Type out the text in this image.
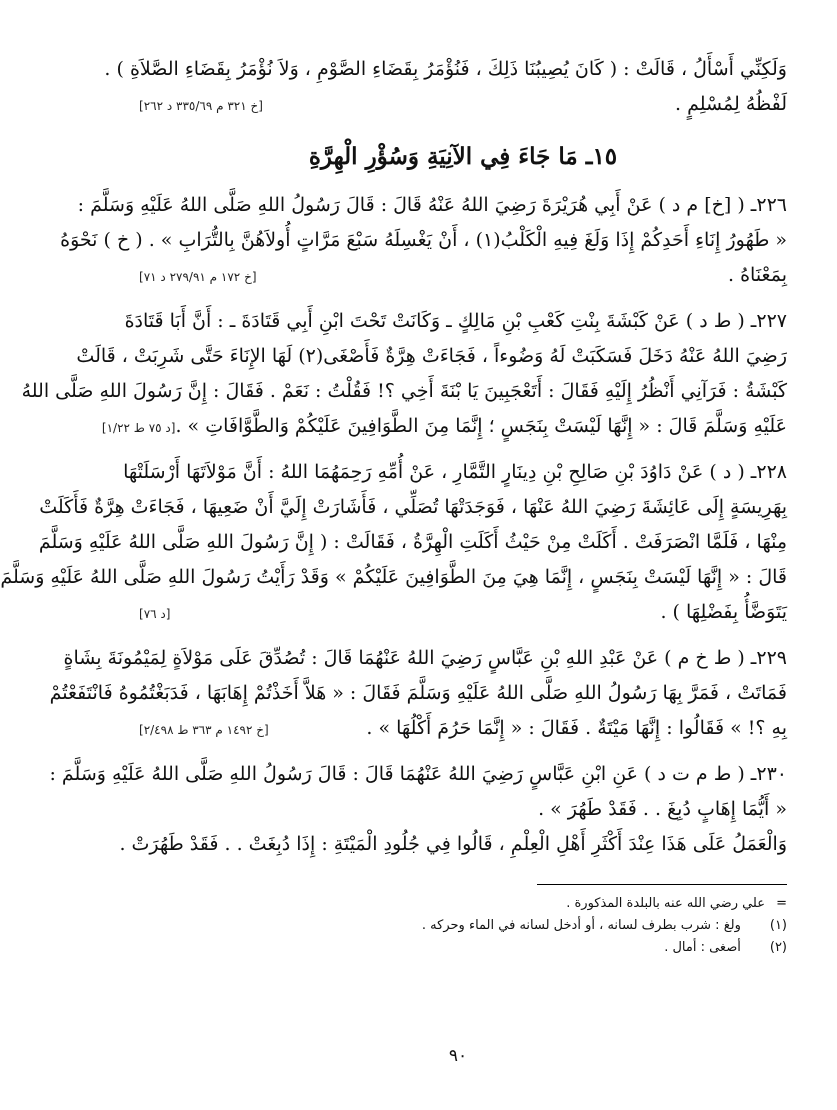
وَلَكِنِّي أَسْأَلُ ، قَالَتْ : ( كَانَ يُصِيبُنَا ذَلِكَ ، فَنُؤْمَرُ بِقَضَاءِ الصَّوْمِ ، وَلاَ نُؤْمَرُ بِقَضَاءِ الصَّلاَةِ ) .
لَفْظُهُ لِمُسْلِمٍ .
[خ ٣٢١ م ٣٣٥/٦٩ د ٢٦٢]
١٥ـ مَا جَاءَ فِي الآنِيَةِ وَسُؤْرِ الْهِرَّةِ
٢٢٦ـ ( [خ] م د ) عَنْ أَبِي هُرَيْرَةَ رَضِيَ اللهُ عَنْهُ قَالَ : قَالَ رَسُولُ اللهِ صَلَّى اللهُ عَلَيْهِ وَسَلَّمَ :
« طَهُورُ إِنَاءِ أَحَدِكُمْ إِذَا وَلَغَ فِيهِ الْكَلْبُ(١) ، أَنْ يَغْسِلَهُ سَبْعَ مَرَّاتٍ أُولاَهُنَّ بِالتُّرَابِ » . ( خ ) نَحْوَهُ
بِمَعْنَاهُ .
[خ ١٧٢ م ٢٧٩/٩١ د ٧١]
٢٢٧ـ ( ط د ) عَنْ كَبْشَةَ بِنْتِ كَعْبِ بْنِ مَالِكٍ ـ وَكَانَتْ تَحْتَ ابْنِ أَبِي قَتَادَةَ ـ : أَنَّ أَبَا قَتَادَةَ
رَضِيَ اللهُ عَنْهُ دَخَلَ فَسَكَبَتْ لَهُ وَضُوءاً ، فَجَاءَتْ هِرَّةٌ فَأَصْغَى(٢) لَهَا الإِنَاءَ حَتَّى شَرِبَتْ ، قَالَتْ
كَبْشَةُ : فَرَآنِي أَنْظُرُ إِلَيْهِ فَقَالَ : أَتَعْجَبِينَ يَا بْنَةَ أَخِي ؟! فَقُلْتُ : نَعَمْ . فَقَالَ : إِنَّ رَسُولَ اللهِ صَلَّى اللهُ
عَلَيْهِ وَسَلَّمَ قَالَ : « إِنَّهَا لَيْسَتْ بِنَجَسٍ ؛ إِنَّمَا مِنَ الطَّوَافِينَ عَلَيْكُمْ وَالطَّوَّافَاتِ » .
[د ٧٥ ط ١/٢٢]
٢٢٨ـ ( د ) عَنْ دَاوُدَ بْنِ صَالِحِ بْنِ دِينَارٍ التَّمَّارِ ، عَنْ أُمِّهِ رَحِمَهُمَا اللهُ : أَنَّ مَوْلاَتَهَا أَرْسَلَتْهَا
بِهَرِيسَةٍ إِلَى عَائِشَةَ رَضِيَ اللهُ عَنْهَا ، فَوَجَدَتْهَا تُصَلِّي ، فَأَشَارَتْ إِلَيَّ أَنْ ضَعِيهَا ، فَجَاءَتْ هِرَّةٌ فَأَكَلَتْ
مِنْهَا ، فَلَمَّا انْصَرَفَتْ . أَكَلَتْ مِنْ حَيْثُ أَكَلَتِ الْهِرَّةُ ، فَقَالَتْ : ( إِنَّ رَسُولَ اللهِ صَلَّى اللهُ عَلَيْهِ وَسَلَّمَ
قَالَ : « إِنَّهَا لَيْسَتْ بِنَجَسٍ ، إِنَّمَا هِيَ مِنَ الطَّوَافِينَ عَلَيْكُمْ » وَقَدْ رَأَيْتُ رَسُولَ اللهِ صَلَّى اللهُ عَلَيْهِ وَسَلَّمَ
يَتَوَضَّأُ بِفَضْلِهَا ) .
[د ٧٦]
٢٢٩ـ ( ط خ م ) عَنْ عَبْدِ اللهِ بْنِ عَبَّاسٍ رَضِيَ اللهُ عَنْهُمَا قَالَ : تُصُدِّقَ عَلَى مَوْلاَةٍ لِمَيْمُونَةَ بِشَاةٍ
فَمَاتَتْ ، فَمَرَّ بِهَا رَسُولُ اللهِ صَلَّى اللهُ عَلَيْهِ وَسَلَّمَ فَقَالَ : « هَلاَّ أَخَذْتُمْ إِهَابَهَا ، فَدَبَغْتُمُوهُ فَانْتَفَعْتُمْ
بِهِ ؟! » فَقَالُوا : إِنَّهَا مَيْتَةٌ . فَقَالَ : « إِنَّمَا حَرُمَ أَكْلُهَا » .
[خ ١٤٩٢ م ٣٦٣ ط ٢/٤٩٨]
٢٣٠ـ ( ط م ت د ) عَنِ ابْنِ عَبَّاسٍ رَضِيَ اللهُ عَنْهُمَا قَالَ : قَالَ رَسُولُ اللهِ صَلَّى اللهُ عَلَيْهِ وَسَلَّمَ :
« أَيُّمَا إِهَابٍ دُبِغَ . . فَقَدْ طَهُرَ » .
وَالْعَمَلُ عَلَى هَذَا عِنْدَ أَكْثَرِ أَهْلِ الْعِلْمِ ، قَالُوا فِي جُلُودِ الْمَيْتَةِ : إِذَا دُبِغَتْ . . فَقَدْ طَهُرَتْ .
=
علي رضي الله عنه بالبلدة المذكورة .
(١) ولغ : شرب بطرف لسانه ، أو أدخل لسانه في الماء وحركه .
(٢) أصغى : أمال .
٩٠
